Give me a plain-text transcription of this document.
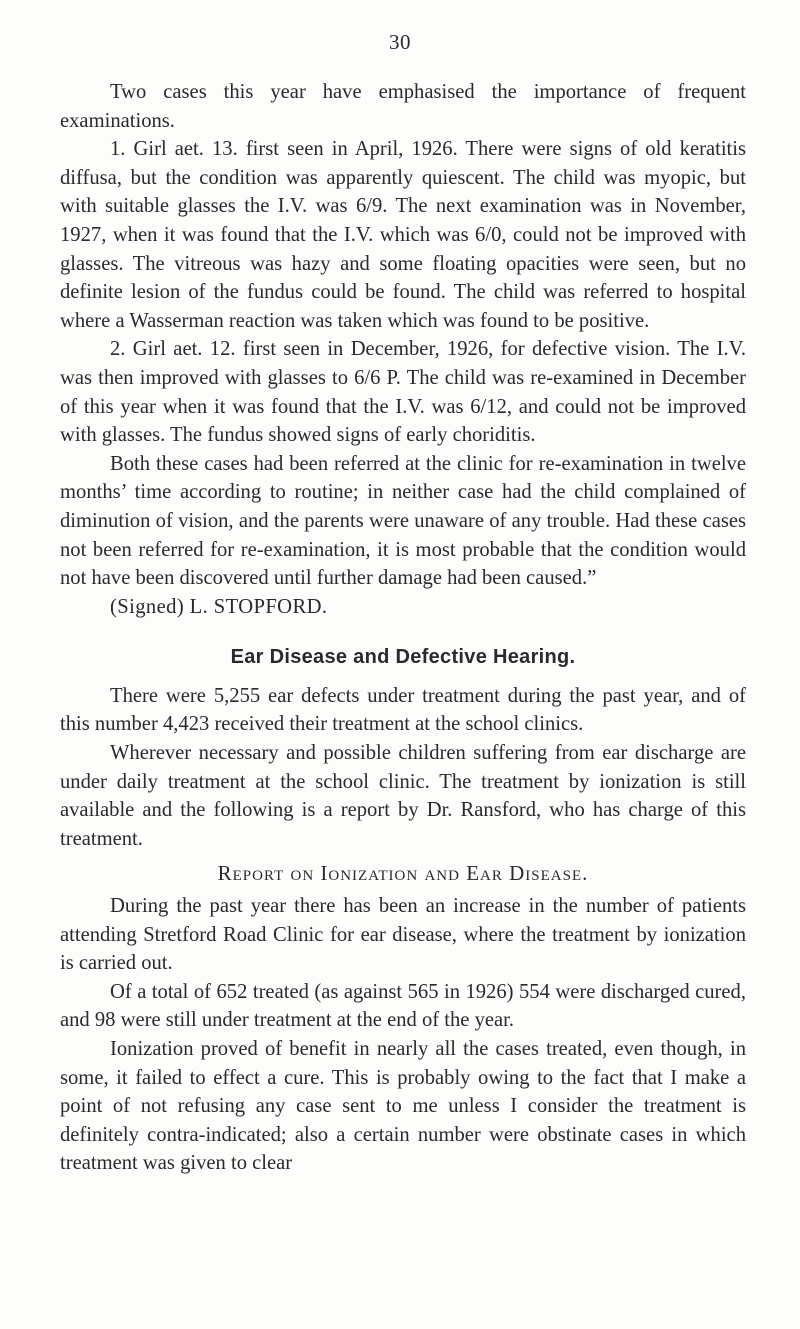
30

Two cases this year have emphasised the importance of frequent examinations.

1. Girl aet. 13. first seen in April, 1926. There were signs of old keratitis diffusa, but the condition was apparently quiescent. The child was myopic, but with suitable glasses the I.V. was 6/9. The next examination was in November, 1927, when it was found that the I.V. which was 6/0, could not be improved with glasses. The vitreous was hazy and some floating opacities were seen, but no definite lesion of the fundus could be found. The child was referred to hospital where a Wasserman reaction was taken which was found to be positive.

2. Girl aet. 12. first seen in December, 1926, for defective vision. The I.V. was then improved with glasses to 6/6 P. The child was re-examined in December of this year when it was found that the I.V. was 6/12, and could not be improved with glasses. The fundus showed signs of early choriditis.

Both these cases had been referred at the clinic for re-examination in twelve months’ time according to routine; in neither case had the child complained of diminution of vision, and the parents were unaware of any trouble. Had these cases not been referred for re-examination, it is most probable that the condition would not have been discovered until further damage had been caused.”

(Signed) L. STOPFORD.

Ear Disease and Defective Hearing.

There were 5,255 ear defects under treatment during the past year, and of this number 4,423 received their treatment at the school clinics.

Wherever necessary and possible children suffering from ear discharge are under daily treatment at the school clinic. The treatment by ionization is still available and the following is a report by Dr. Ransford, who has charge of this treatment.

Report on Ionization and Ear Disease.

During the past year there has been an increase in the number of patients attending Stretford Road Clinic for ear disease, where the treatment by ionization is carried out.

Of a total of 652 treated (as against 565 in 1926) 554 were discharged cured, and 98 were still under treatment at the end of the year.

Ionization proved of benefit in nearly all the cases treated, even though, in some, it failed to effect a cure. This is probably owing to the fact that I make a point of not refusing any case sent to me unless I consider the treatment is definitely contra-indicated; also a certain number were obstinate cases in which treatment was given to clear
